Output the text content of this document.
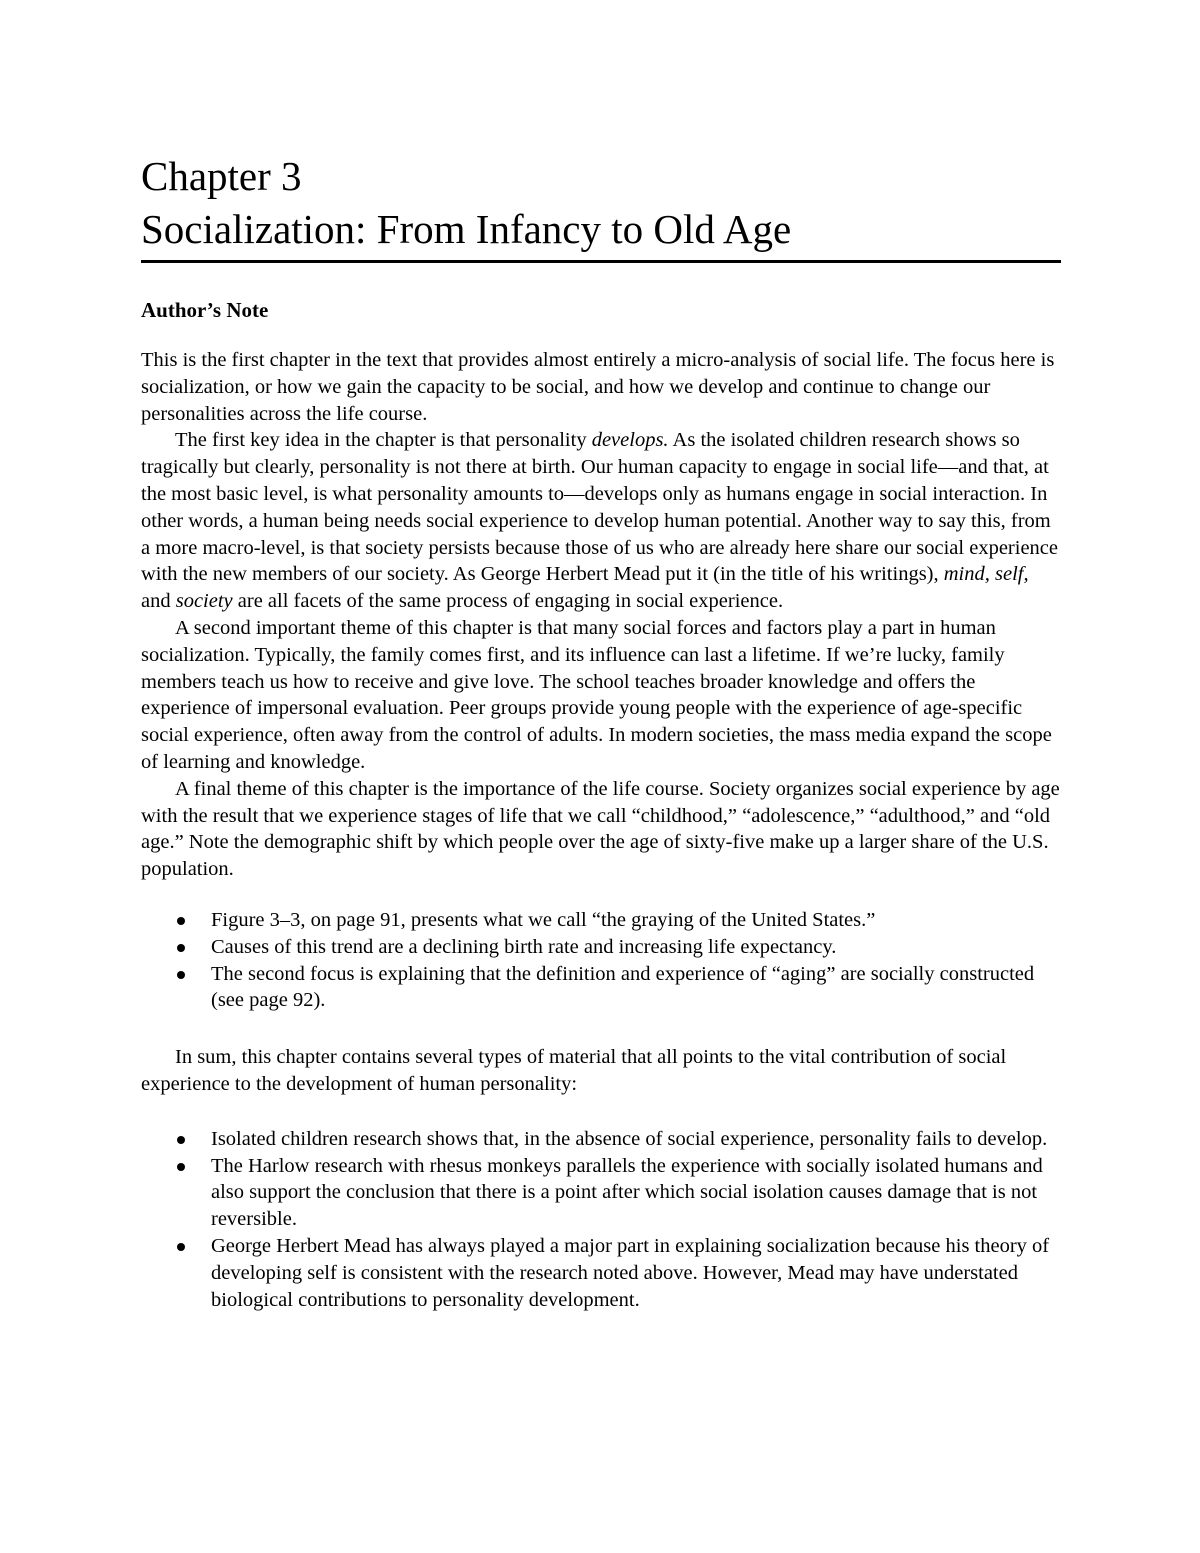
Chapter 3
Socialization: From Infancy to Old Age
Author’s Note

This is the first chapter in the text that provides almost entirely a micro-analysis of social life. The focus here is socialization, or how we gain the capacity to be social, and how we develop and continue to change our personalities across the life course.

The first key idea in the chapter is that personality develops. As the isolated children research shows so tragically but clearly, personality is not there at birth. Our human capacity to engage in social life—and that, at the most basic level, is what personality amounts to—develops only as humans engage in social interaction. In other words, a human being needs social experience to develop human potential. Another way to say this, from a more macro-level, is that society persists because those of us who are already here share our social experience with the new members of our society. As George Herbert Mead put it (in the title of his writings), mind, self, and society are all facets of the same process of engaging in social experience.

A second important theme of this chapter is that many social forces and factors play a part in human socialization. Typically, the family comes first, and its influence can last a lifetime. If we’re lucky, family members teach us how to receive and give love. The school teaches broader knowledge and offers the experience of impersonal evaluation. Peer groups provide young people with the experience of age-specific social experience, often away from the control of adults. In modern societies, the mass media expand the scope of learning and knowledge.

A final theme of this chapter is the importance of the life course. Society organizes social experience by age with the result that we experience stages of life that we call “childhood,” “adolescence,” “adulthood,” and “old age.” Note the demographic shift by which people over the age of sixty-five make up a larger share of the U.S. population.

Figure 3–3, on page 91, presents what we call “the graying of the United States.”
Causes of this trend are a declining birth rate and increasing life expectancy.
The second focus is explaining that the definition and experience of “aging” are socially constructed (see page 92).

In sum, this chapter contains several types of material that all points to the vital contribution of social experience to the development of human personality:

Isolated children research shows that, in the absence of social experience, personality fails to develop.
The Harlow research with rhesus monkeys parallels the experience with socially isolated humans and also support the conclusion that there is a point after which social isolation causes damage that is not reversible.
George Herbert Mead has always played a major part in explaining socialization because his theory of developing self is consistent with the research noted above. However, Mead may have understated biological contributions to personality development.
